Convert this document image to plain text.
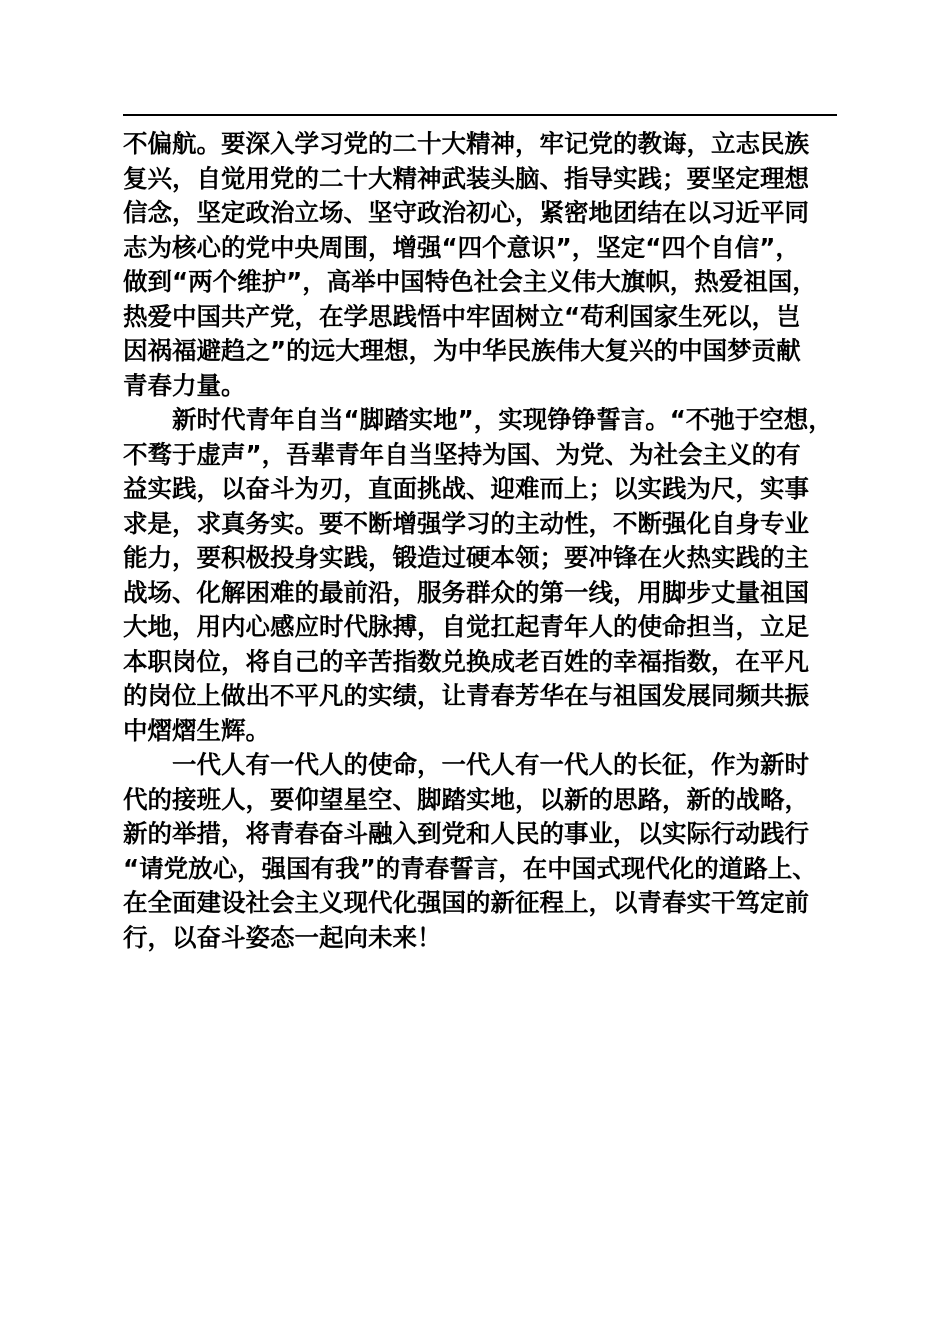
不偏航。要深入学习党的二十大精神，牢记党的教诲，立志民族
复兴，自觉用党的二十大精神武装头脑、指导实践；要坚定理想
信念，坚定政治立场、坚守政治初心，紧密地团结在以习近平同
志为核心的党中央周围，增强“四个意识”，坚定“四个自信”，
做到“两个维护”，高举中国特色社会主义伟大旗帜，热爱祖国，
热爱中国共产党，在学思践悟中牢固树立“苟利国家生死以，岂
因祸福避趋之”的远大理想，为中华民族伟大复兴的中国梦贡献
青春力量。
新时代青年自当“脚踏实地”，实现铮铮誓言。“不弛于空想，
不骛于虚声”，吾辈青年自当坚持为国、为党、为社会主义的有
益实践，以奋斗为刃，直面挑战、迎难而上；以实践为尺，实事
求是，求真务实。要不断增强学习的主动性，不断强化自身专业
能力，要积极投身实践，锻造过硬本领；要冲锋在火热实践的主
战场、化解困难的最前沿，服务群众的第一线，用脚步丈量祖国
大地，用内心感应时代脉搏，自觉扛起青年人的使命担当，立足
本职岗位，将自己的辛苦指数兑换成老百姓的幸福指数，在平凡
的岗位上做出不平凡的实绩，让青春芳华在与祖国发展同频共振
中熠熠生辉。
一代人有一代人的使命，一代人有一代人的长征，作为新时
代的接班人，要仰望星空、脚踏实地，以新的思路，新的战略，
新的举措，将青春奋斗融入到党和人民的事业，以实际行动践行
“请党放心，强国有我”的青春誓言，在中国式现代化的道路上、
在全面建设社会主义现代化强国的新征程上，以青春实干笃定前
行，以奋斗姿态一起向未来！
